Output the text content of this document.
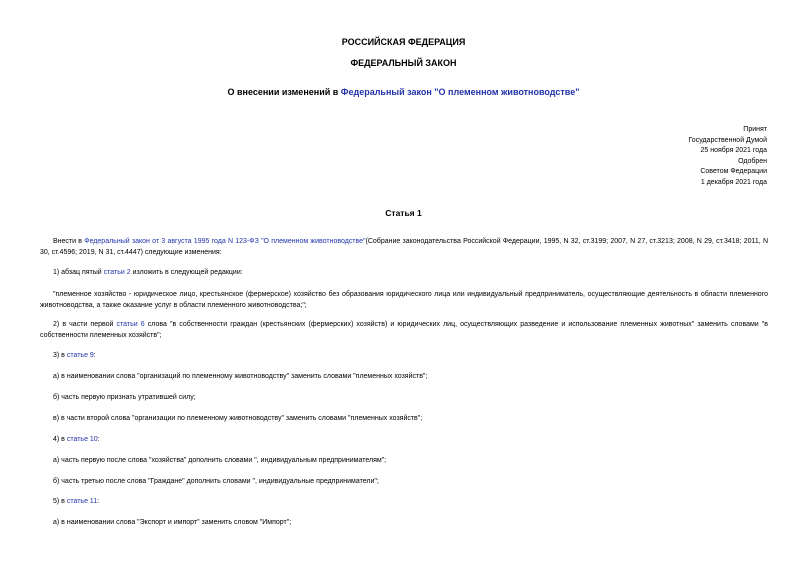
РОССИЙСКАЯ ФЕДЕРАЦИЯ
ФЕДЕРАЛЬНЫЙ ЗАКОН
О внесении изменений в Федеральный закон "О племенном животноводстве"
Принят
Государственной Думой
25 ноября 2021 года
Одобрен
Советом Федерации
1 декабря 2021 года
Статья 1
Внести в Федеральный закон от 3 августа 1995 года N 123-ФЗ "О племенном животноводстве"(Собрание законодательства Российской Федерации, 1995, N 32, ст.3199; 2007, N 27, ст.3213; 2008, N 29, ст.3418; 2011, N 30, ст.4596; 2019, N 31, ст.4447) следующие изменения:
1) абзац пятый статьи 2 изложить в следующей редакции:
"племенное хозяйство - юридическое лицо, крестьянское (фермерское) хозяйство без образования юридического лица или индивидуальный предприниматель, осуществляющие деятельность в области племенного животноводства, а также оказание услуг в области племенного животноводства;";
2) в части первой статьи 6 слова "в собственности граждан (крестьянских (фермерских) хозяйств) и юридических лиц, осуществляющих разведение и использование племенных животных" заменить словами "в собственности племенных хозяйств";
3) в статье 9:
а) в наименовании слова "организаций по племенному животноводству" заменить словами "племенных хозяйств";
б) часть первую признать утратившей силу;
в) в части второй слова "организации по племенному животноводству" заменить словами "племенных хозяйств";
4) в статье 10:
а) часть первую после слова "хозяйства" дополнить словами ", индивидуальным предпринимателям";
б) часть третью после слова "Граждане" дополнить словами ", индивидуальные предприниматели";
5) в статье 11:
а) в наименовании слова "Экспорт и импорт" заменить словом "Импорт";
